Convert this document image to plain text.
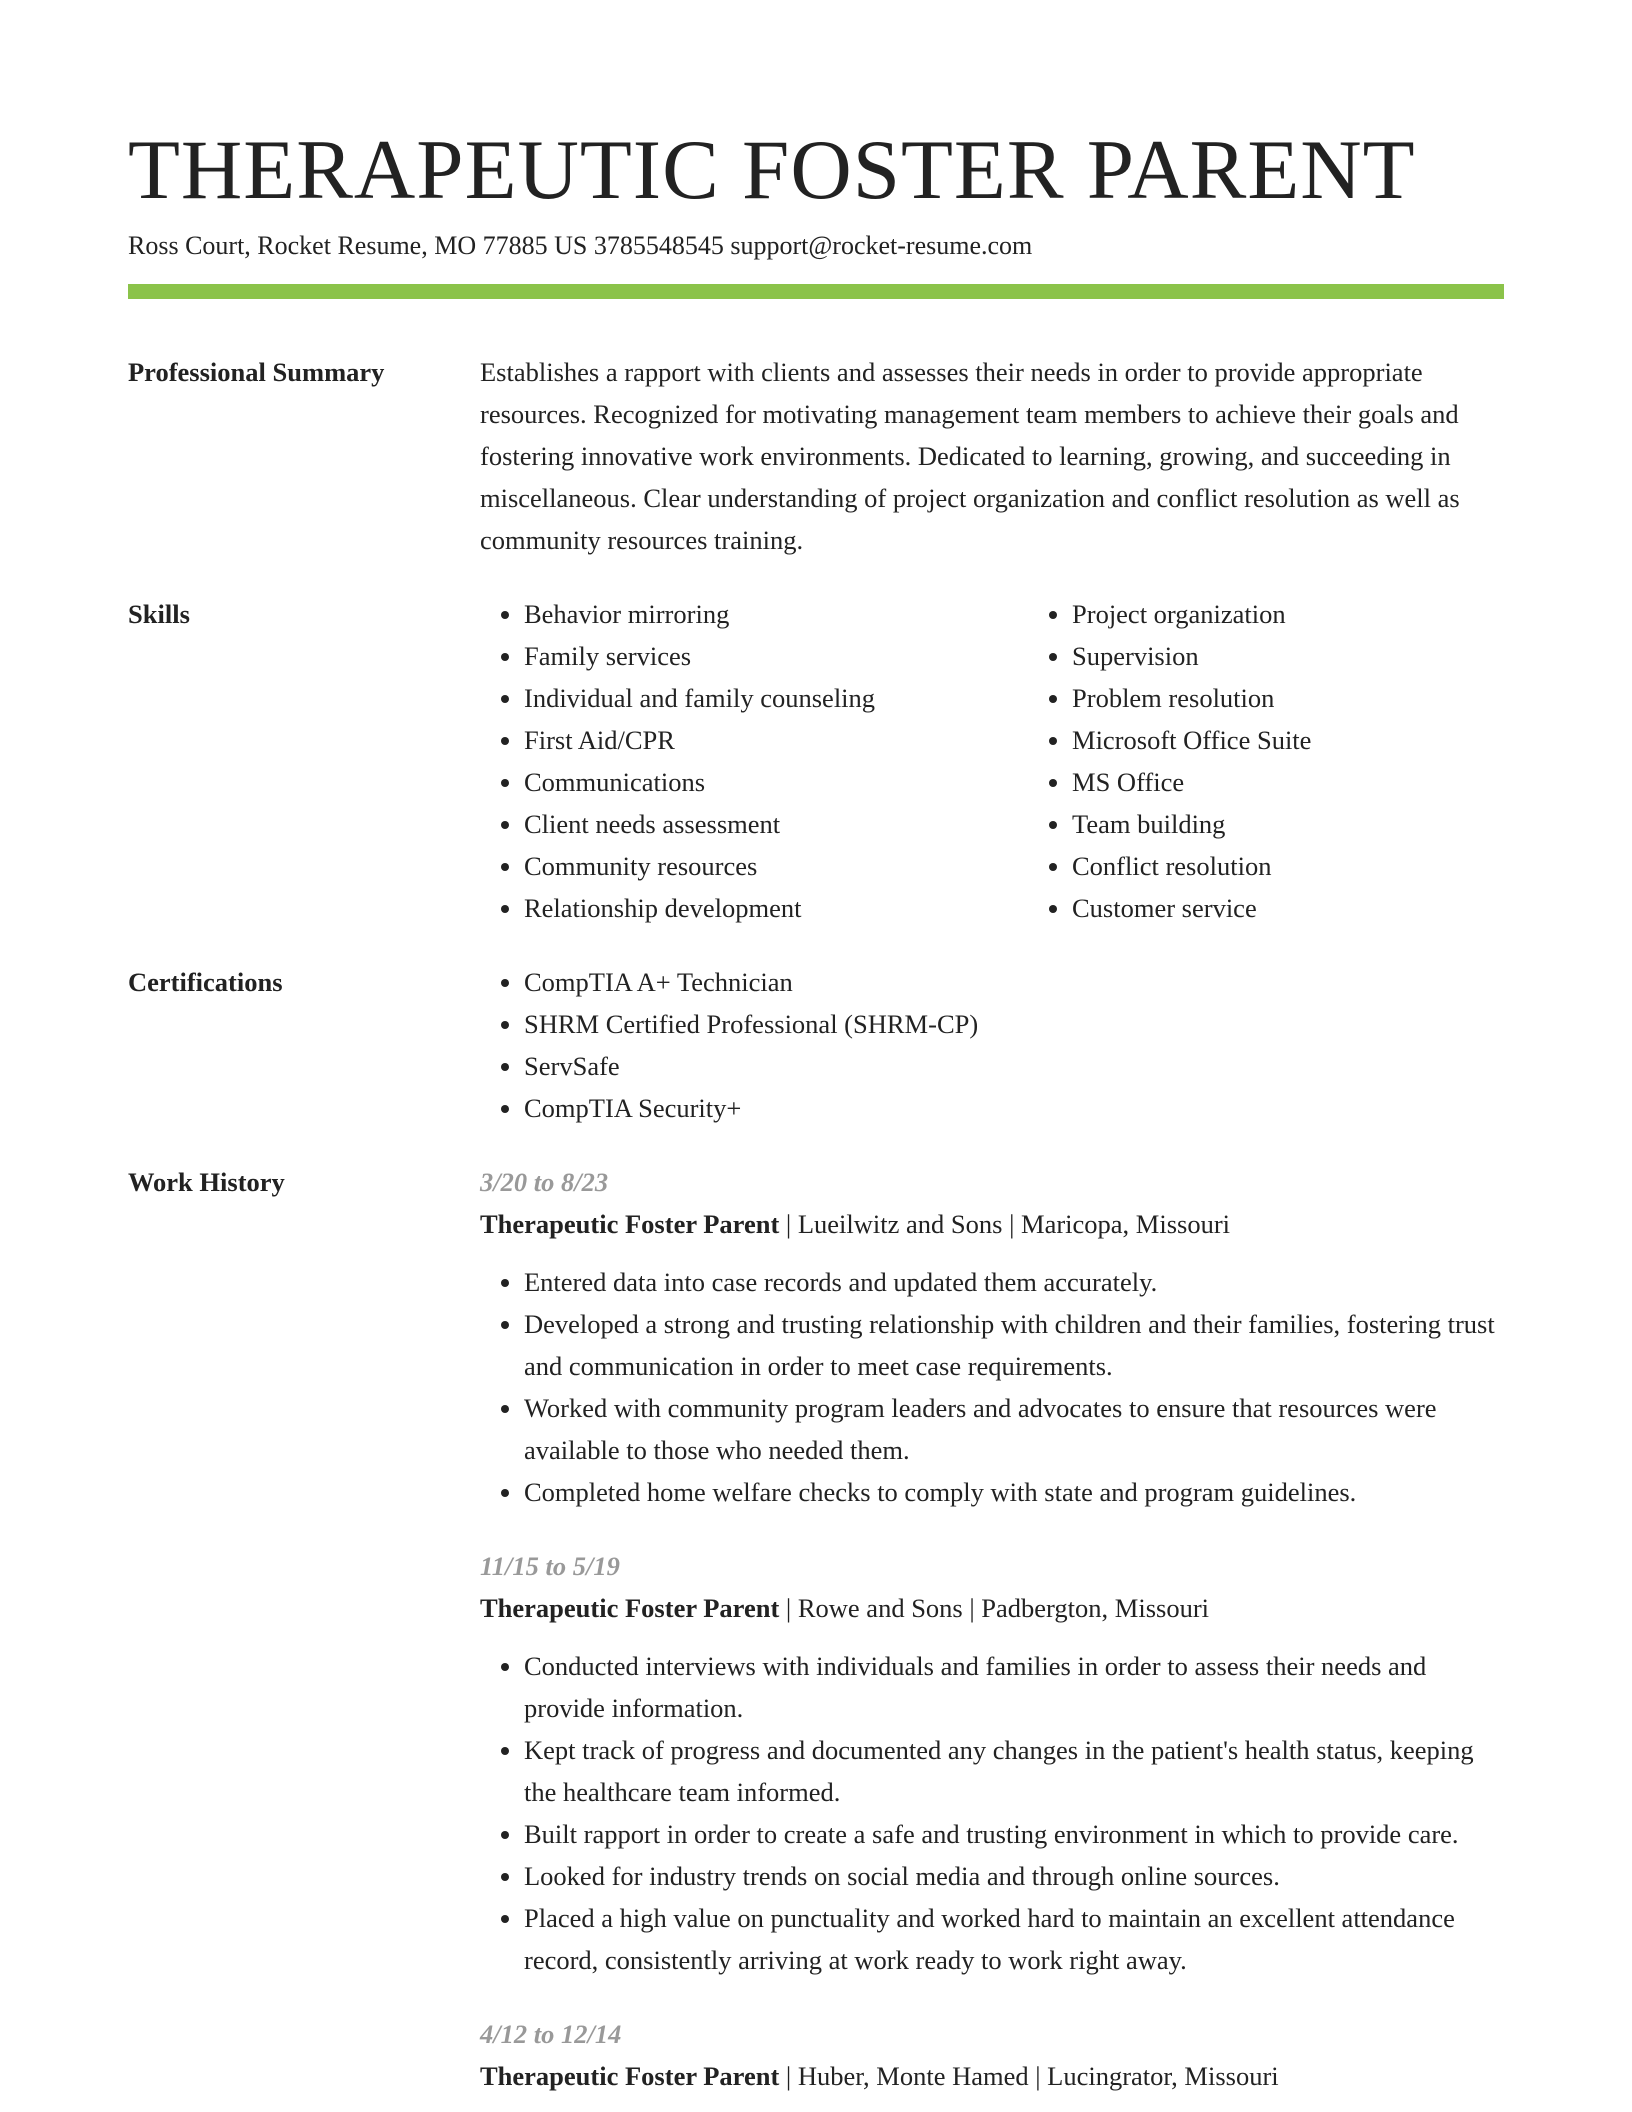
THERAPEUTIC FOSTER PARENT
Ross Court, Rocket Resume, MO 77885 US 3785548545 support@rocket-resume.com
Professional Summary	Establishes a rapport with clients and assesses their needs in order to provide appropriate resources. Recognized for motivating management team members to achieve their goals and fostering innovative work environments. Dedicated to learning, growing, and succeeding in miscellaneous. Clear understanding of project organization and conflict resolution as well as community resources training.

Skills	• Behavior mirroring
• Family services
• Individual and family counseling
• First Aid/CPR
• Communications
• Client needs assessment
• Community resources
• Relationship development
• Project organization
• Supervision
• Problem resolution
• Microsoft Office Suite
• MS Office
• Team building
• Conflict resolution
• Customer service
Certifications	• CompTIA A+ Technician
• SHRM Certified Professional (SHRM-CP)
• ServSafe
• CompTIA Security+
Work History	3/20 to 8/23
Therapeutic Foster Parent | Lueilwitz and Sons | Maricopa, Missouri
• Entered data into case records and updated them accurately.
• Developed a strong and trusting relationship with children and their families, fostering trust and communication in order to meet case requirements.
• Worked with community program leaders and advocates to ensure that resources were available to those who needed them.
• Completed home welfare checks to comply with state and program guidelines.
11/15 to 5/19
Therapeutic Foster Parent | Rowe and Sons | Padbergton, Missouri
• Conducted interviews with individuals and families in order to assess their needs and provide information.
• Kept track of progress and documented any changes in the patient's health status, keeping the healthcare team informed.
• Built rapport in order to create a safe and trusting environment in which to provide care.
• Looked for industry trends on social media and through online sources.
• Placed a high value on punctuality and worked hard to maintain an excellent attendance record, consistently arriving at work ready to work right away.
4/12 to 12/14
Therapeutic Foster Parent | Huber, Monte Hamed | Lucingrator, Missouri
